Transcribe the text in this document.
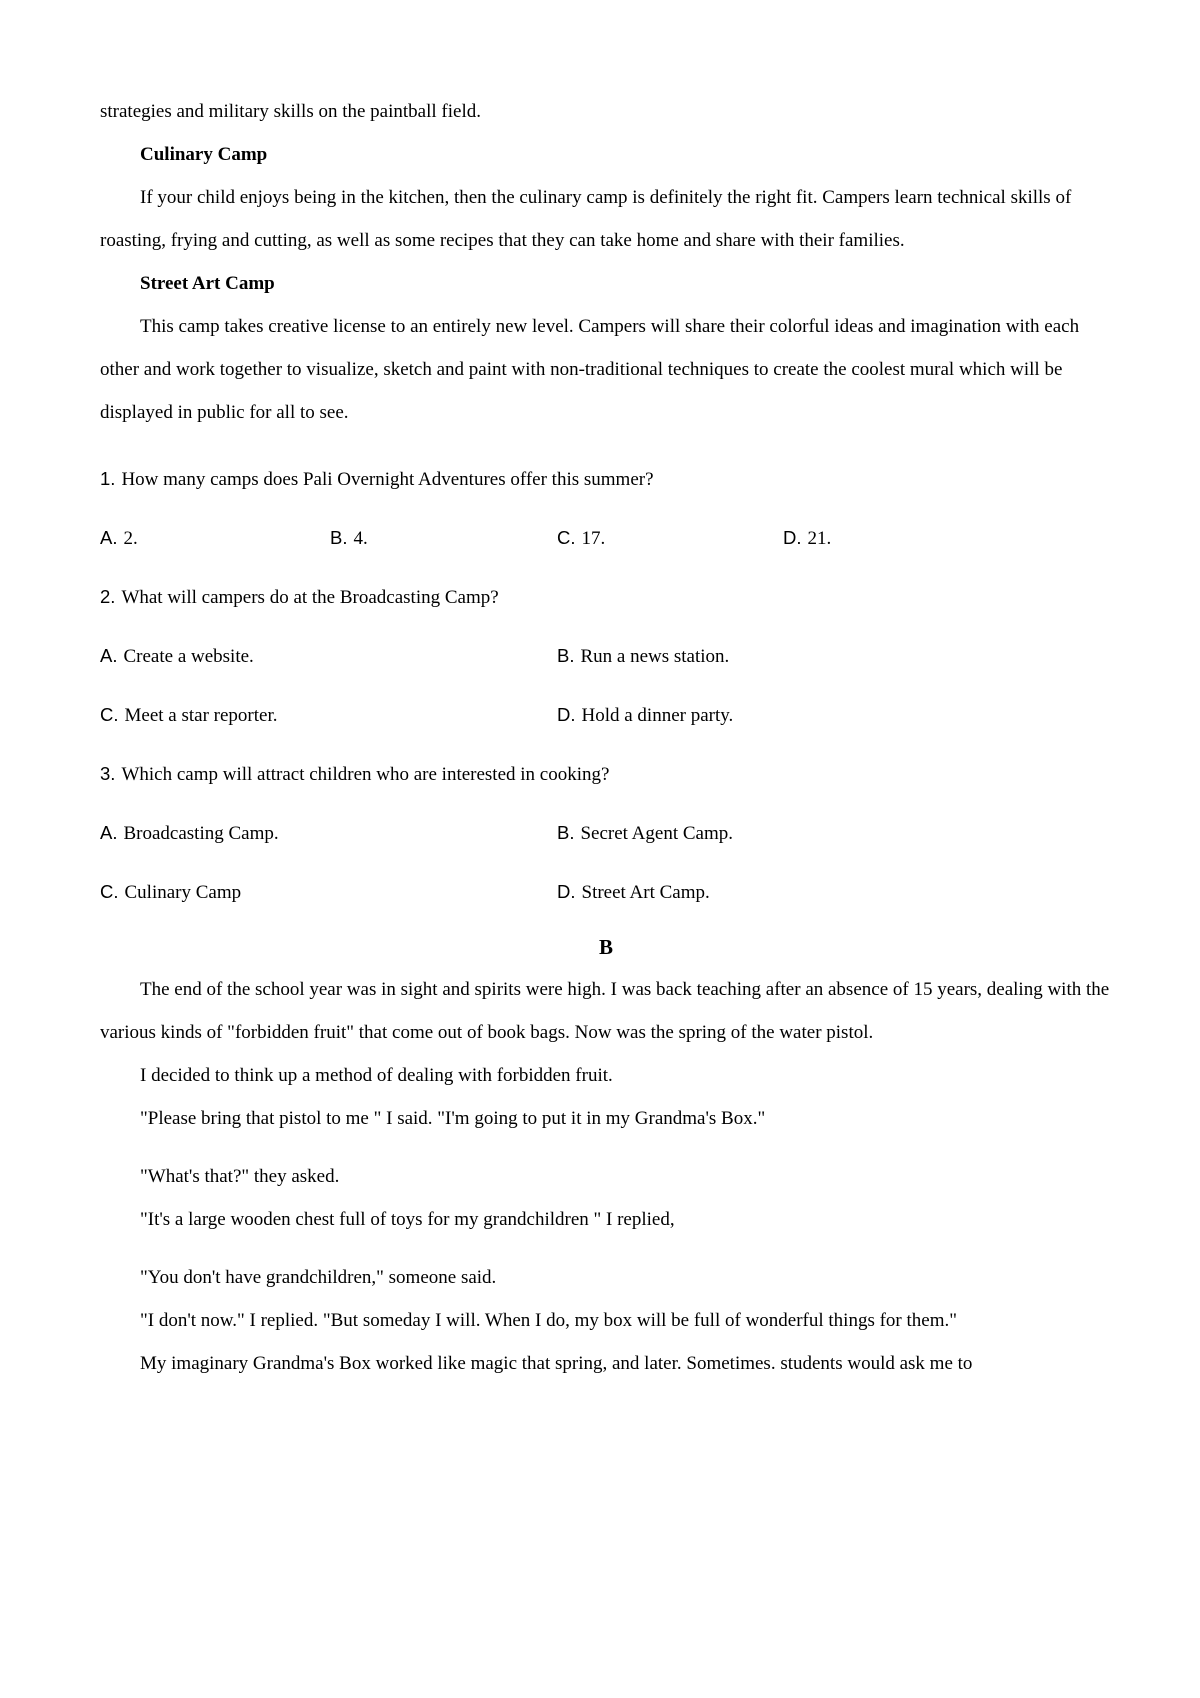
strategies and military skills on the paintball field.

Culinary Camp

If your child enjoys being in the kitchen, then the culinary camp is definitely the right fit. Campers learn technical skills of roasting, frying and cutting, as well as some recipes that they can take home and share with their families.

Street Art Camp

This camp takes creative license to an entirely new level. Campers will share their colorful ideas and imagination with each other and work together to visualize, sketch and paint with non-traditional techniques to create the coolest mural which will be displayed in public for all to see.

1. How many camps does Pali Overnight Adventures offer this summer?

A. 2.	B. 4.	C. 17.	D. 21.

2. What will campers do at the Broadcasting Camp?

A. Create a website.	B. Run a news station.
C. Meet a star reporter.	D. Hold a dinner party.

3. Which camp will attract children who are interested in cooking?

A. Broadcasting Camp.	B. Secret Agent Camp.
C. Culinary Camp	D. Street Art Camp.

B

The end of the school year was in sight and spirits were high. I was back teaching after an absence of 15 years, dealing with the various kinds of "forbidden fruit" that come out of book bags. Now was the spring of the water pistol.

I decided to think up a method of dealing with forbidden fruit.

"Please bring that pistol to me " I said. "I'm going to put it in my Grandma's Box."

"What's that?" they asked.

"It's a large wooden chest full of toys for my grandchildren " I replied,

"You don't have grandchildren," someone said.

"I don't now." I replied. "But someday I will. When I do, my box will be full of wonderful things for them."

My imaginary Grandma's Box worked like magic that spring, and later. Sometimes. students would ask me to
